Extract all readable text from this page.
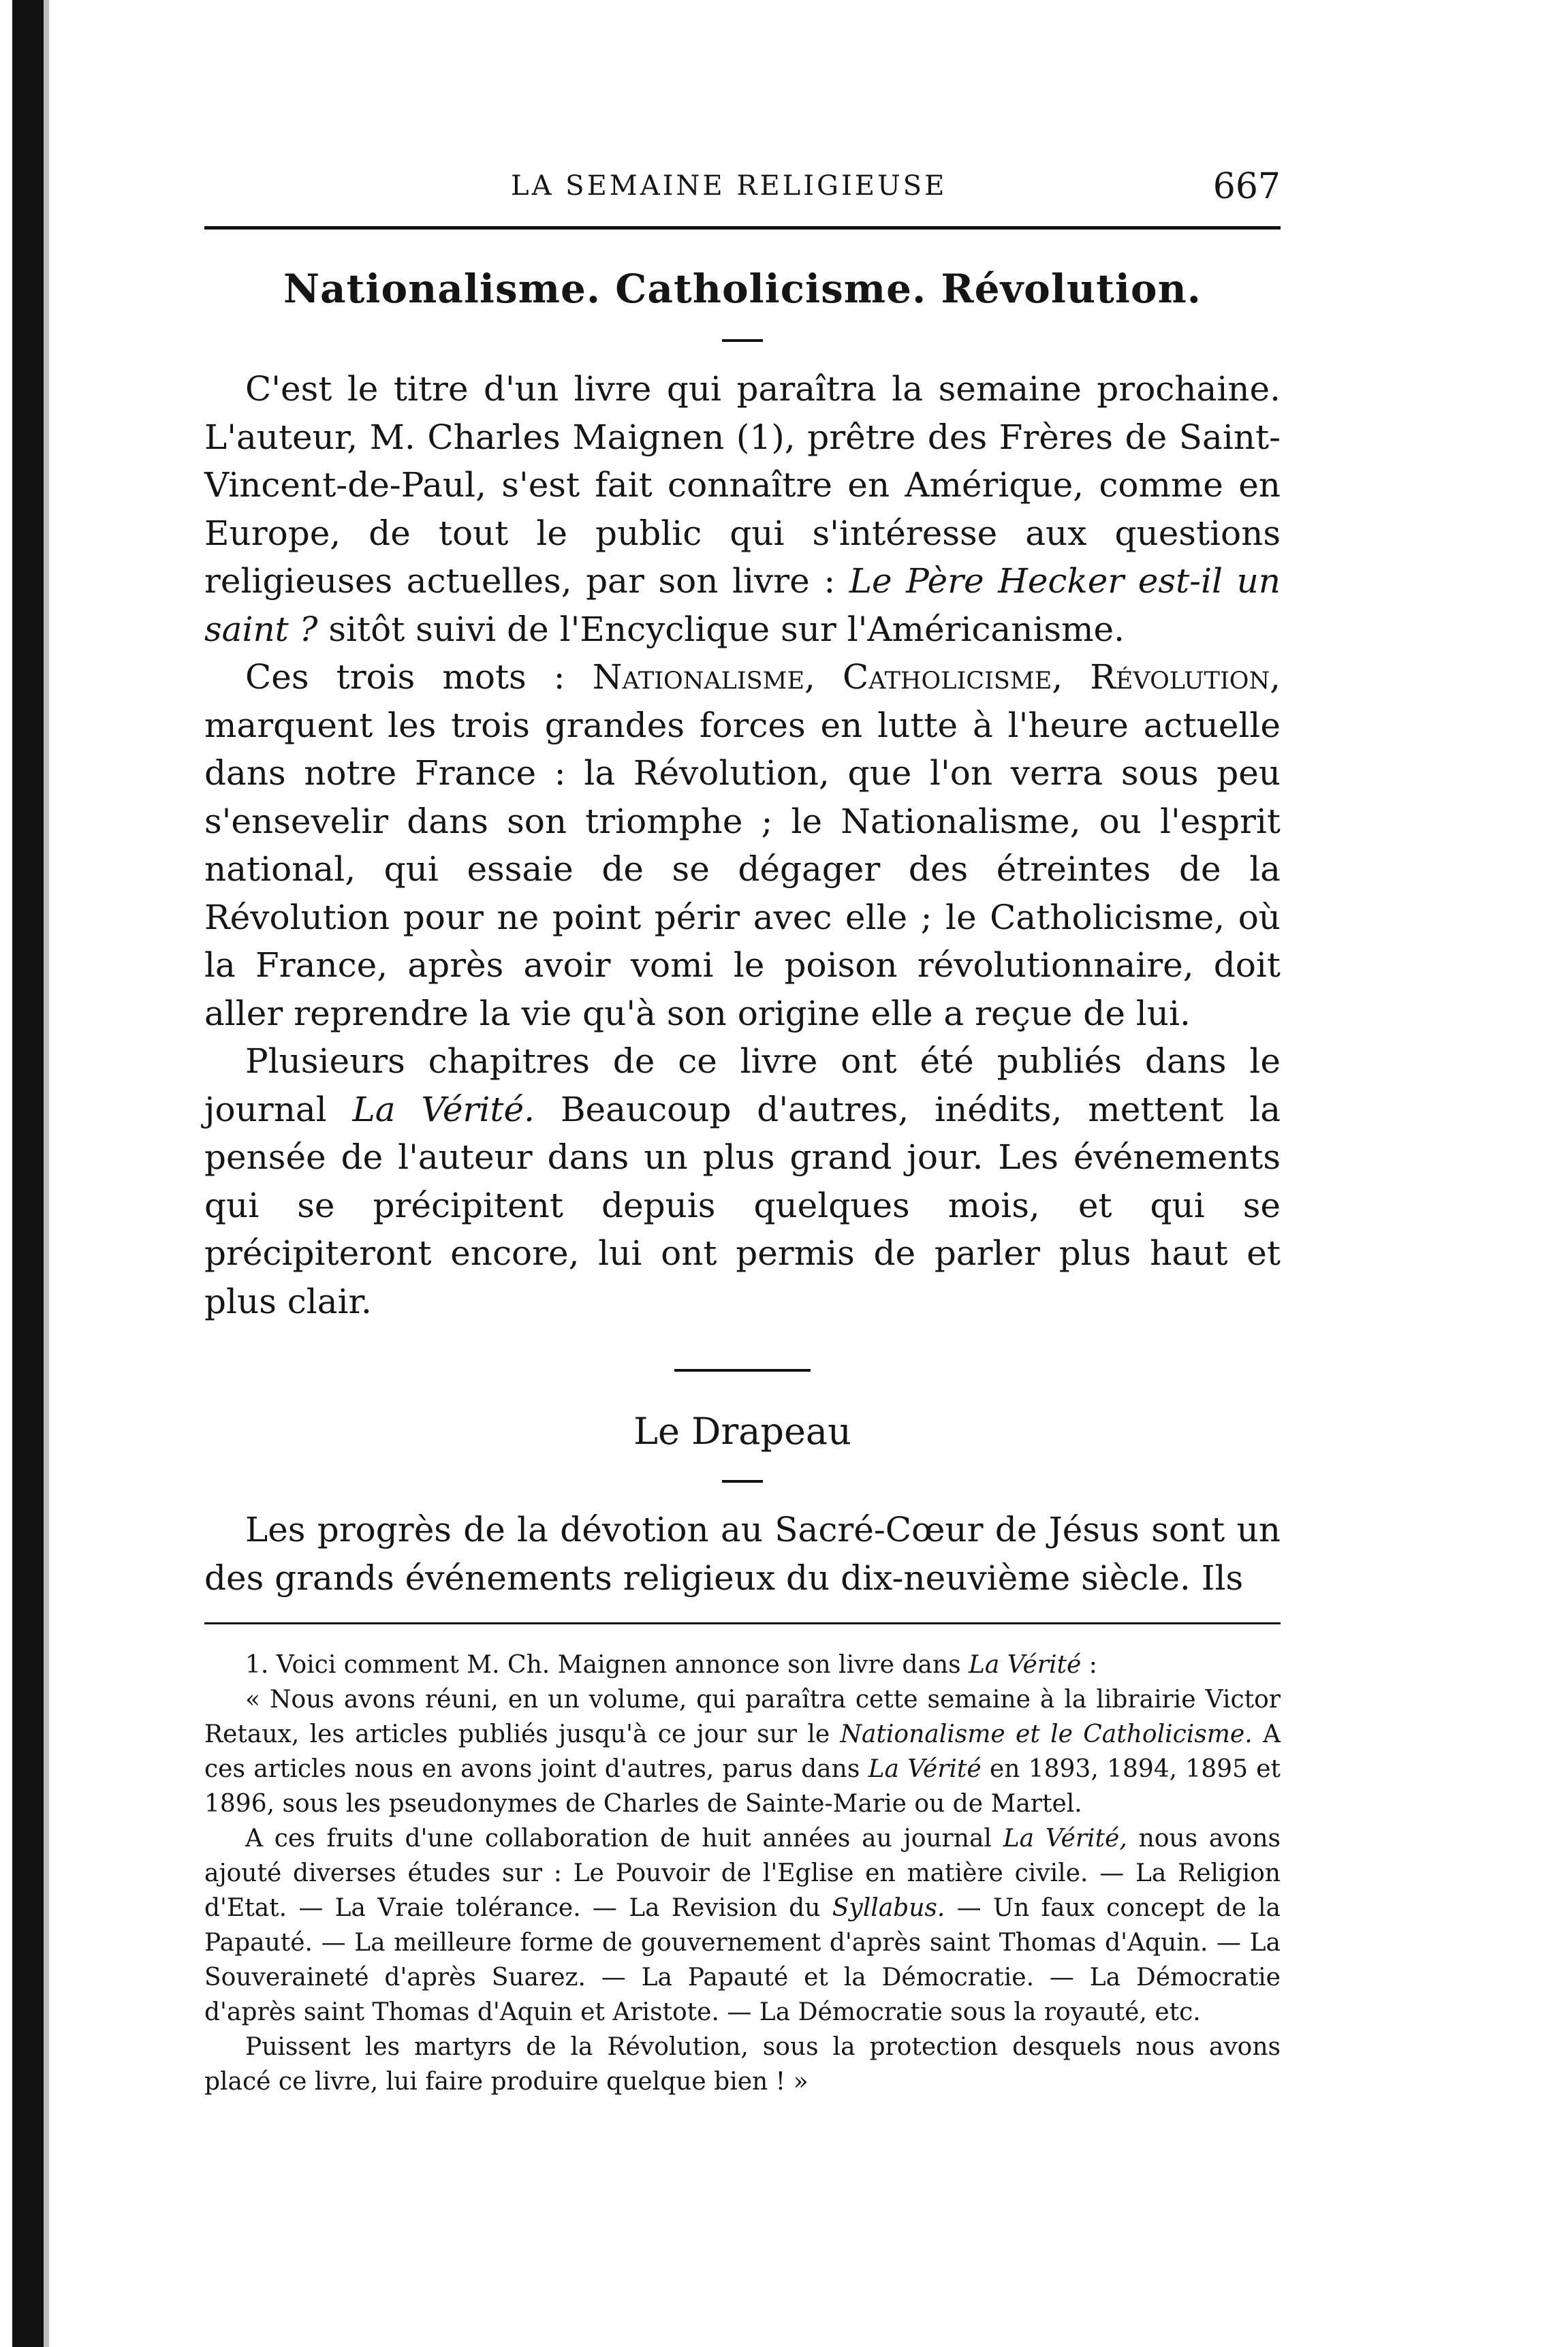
LA SEMAINE RELIGIEUSE	667
Nationalisme. Catholicisme. Révolution.

C'est le titre d'un livre qui paraîtra la semaine prochaine. L'auteur, M. Charles Maignen (1), prêtre des Frères de Saint-Vincent-de-Paul, s'est fait connaître en Amérique, comme en Europe, de tout le public qui s'intéresse aux questions religieuses actuelles, par son livre : Le Père Hecker est-il un saint ? sitôt suivi de l'Encyclique sur l'Américanisme.

Ces trois mots : Nationalisme, Catholicisme, Révolution, marquent les trois grandes forces en lutte à l'heure actuelle dans notre France : la Révolution, que l'on verra sous peu s'ensevelir dans son triomphe ; le Nationalisme, ou l'esprit national, qui essaie de se dégager des étreintes de la Révolution pour ne point périr avec elle ; le Catholicisme, où la France, après avoir vomi le poison révolutionnaire, doit aller reprendre la vie qu'à son origine elle a reçue de lui.

Plusieurs chapitres de ce livre ont été publiés dans le journal La Vérité. Beaucoup d'autres, inédits, mettent la pensée de l'auteur dans un plus grand jour. Les événements qui se précipitent depuis quelques mois, et qui se précipiteront encore, lui ont permis de parler plus haut et plus clair.

Le Drapeau

Les progrès de la dévotion au Sacré-Cœur de Jésus sont un des grands événements religieux du dix-neuvième siècle. Ils

1. Voici comment M. Ch. Maignen annonce son livre dans La Vérité :

« Nous avons réuni, en un volume, qui paraîtra cette semaine à la librairie Victor Retaux, les articles publiés jusqu'à ce jour sur le Nationalisme et le Catholicisme. A ces articles nous en avons joint d'autres, parus dans La Vérité en 1893, 1894, 1895 et 1896, sous les pseudonymes de Charles de Sainte-Marie ou de Martel.

A ces fruits d'une collaboration de huit années au journal La Vérité, nous avons ajouté diverses études sur : Le Pouvoir de l'Eglise en matière civile. — La Religion d'Etat. — La Vraie tolérance. — La Revision du Syllabus. — Un faux concept de la Papauté. — La meilleure forme de gouvernement d'après saint Thomas d'Aquin. — La Souveraineté d'après Suarez. — La Papauté et la Démocratie. — La Démocratie d'après saint Thomas d'Aquin et Aristote. — La Démocratie sous la royauté, etc.

Puissent les martyrs de la Révolution, sous la protection desquels nous avons placé ce livre, lui faire produire quelque bien ! »
